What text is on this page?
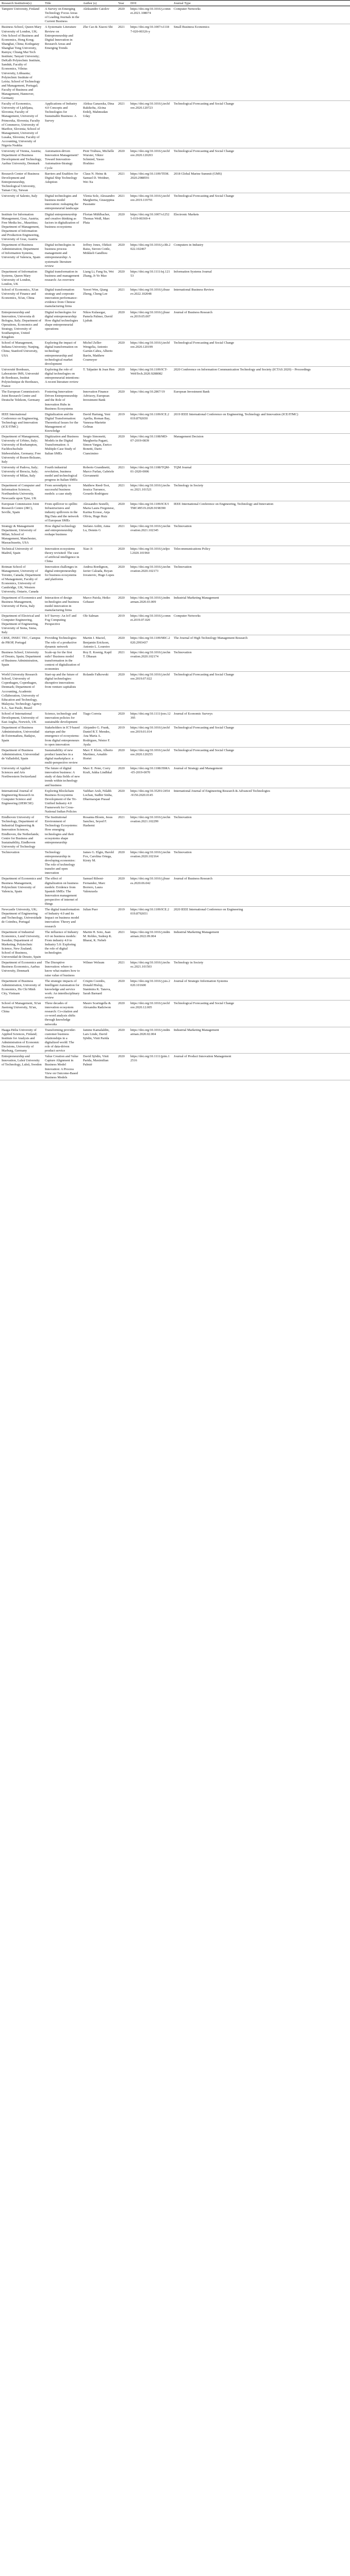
Research Institution(s)	Title	Author (s)	Year	DOI	Journal Type
Tampere University, Finland	A Survey on Emerging Technology Focus Areas of Leading Journals in the Current Business	Aleksandre Caiolov	2020	https://doi.org/10.1016/j.comnet.2021.108074	Computer Networks
Business School, Queen Mary University of London, UK; Orts School of Business and Economics, Hong Kong; Shanghai, China; Kodegatay Shanghai Tong University, Ramyu; Chiang Mai Tech Institute; Tanyati University; DeKalb Polytechnic Institute, Sanduk; Faculty of Economics, Vilnius University, Lithuania; Polytechnic Institute of Leiria; School of Technology and Management, Portugal; Faculty of Business and Management, Hannover, Germany	A Systematic Literature Review on Entrepreneurship and Digital Innovation in Research Areas and Emerging Trends	Zhe Cao & Xiaoxi Shi	2021	https://doi.org/10.1007/s11187-020-00326-y	Small Business Economics
Faculty of Economics, University of Ljubljana, Slovenia; Faculty of Management, University of Primorska, Slovenia; Faculty of Commerce, University of Maribor, Slovenia; School of Management, University of Lusaka, Slovenia; Faculty of Accounting, University of Nigeria Nsukka	Applications of Industry 4.0 Concepts and Technologies for Sustainable Business: A Survey	Aleksa Ganaoska, Dina Rakikoba, Alcina Erdelj, Mahmudan Uday	2021	https://doi.org/10.1016/j.techfore.2020.120723	Technological Forecasting and Social Change
University of Vienna, Austria; Department of Business Development and Technology, Aarhus University, Denmark	Automation-driven Innovation Management? Toward Innovation-Automation-Strategy Cycle	Piotr Trubuss, Michelle Wurster, Viktor Schmied, Yasuo Hoshino	2020	https://doi.org/10.1016/j.techfore.2020.120203	Technological Forecasting and Social Change
Research Center of Business Development and Entrepreneurship, Technological University, Tainan City, Taiwan	Barriers and Enablers for Digital Ship Technology Adoption	Claus N. Heinz & Samuel D. Weidner, Wei Xu	2021	https://doi.org/10.1109/TEM.2020.2988591	2018 Global Marine Summit (GMS)
University of Salento, Italy	Digital technologies and business model innovation: reshaping the entrepreneurial landscape	Ylenia Sole, Alessandro Margherita, Giuseppina Passiante	2021	https://doi.org/10.1016/j.techfore.2019.119791	Technological Forecasting and Social Change
Institute for Information Management, Graz, Austria; Free Media Inc., Mauritius; Department of Management, Department of Information and Production Engineering, University of Graz, Austria	Digital entrepreneurship and creative thinking as factors in digitalization of business ecosystems	Florian Mühlbacher, Thomas Weiß, Marc Pluta	2020	https://doi.org/10.1007/s12525-019-00369-4	Electronic Markets
Department of Business Administration; Department of Information Systems, University of Valencia, Spain	Digital technologies in business process management and entrepreneurship: A systematic literature review	Jeffrey Jones, Oleksii Raiss, Steven Cottle, Miikkeli Gandhou	2020	https://doi.org/10.1016/j.chb.2022.102467	Computers in Industry
Department of Information Systems, Queen Mary University of London, London, UK	Digital transformation in business and management research: An overview	Liang Li, Fang Su, Wei Zhang, Ji-Ye Mao	2020	https://doi.org/10.1111/isj.12153	Information Systems Journal
School of Economics, Xi'an University of Finance and Economics, Xi'an, China	Digital transformation strategy and corporate innovation performance: evidence from Chinese manufacturing firms	Yuwei Wen, Qiang Zheng, Cheng Lee	2021	https://doi.org/10.1016/j.ibusrev.2022.102048	International Business Review
Entrepreneurship and Innovation, Universita di Bologna, Italy; Department of Operations, Economics and Strategy, University of Southampton, United Kingdom	Digital technologies for digital entrepreneurship: How digital technologies shape entrepreneurial operations	Nikos Kulasegar, Pamela Palmer, David Ljubak	2020	https://doi.org/10.1016/j.jbusres.2019.05.007	Journal of Business Research
School of Management, Indiana University; Nanjing, China; Stanford University, USA	Exploring the impact of digital transformation on technology entrepreneurship and technological market development	Michel Zeller-Wengelia, Antonio Garrán-Cabra, Alberto Barón, Matthew Cournoyer	2020	https://doi.org/10.1016/j.techfore.2020.120199	Technological Forecasting and Social Change
Université Bordeaux, Laboratoire IMS, Université de Bordeaux, Institut Polytechnique de Bordeaux, France	Exploring the role of digital technologies on entrepreneurial intentions: A recent literature review	T. Talpatier & Jean Hen	2020	https://doi.org/10.1109/ICT-WebTech.2020.9288082	2020 Conference on Information Communication Technology and Society (ICTAS 2020) – Proceedings
The European Commission's Joint Research Centre and Deutsche Telekom, Germany	Fostering Innovation-Driven Entrepreneurship and the Role of Innovation Hubs in Business Ecosystems	Innovation Finance Advisory, European Investment Bank	2020	https://doi.org/10.2867/19	European Investment Bank
IEEE International Conference on Engineering, Technology and Innovation (ICE/ITMC)	Digitalization and the Digital Transformation: Theoretical Issues for the Management of Knowledge	David Hartung, Yeni Aprilia, Roman Bay, Vanessa-Mariette Gelinas	2019	https://doi.org/10.1109/ICE.2019.8792650	2019 IEEE International Conference on Engineering, Technology and Innovation (ICE/ITMC)
Department of Management, University of Urbino, Italy; University of Roehampton, Fachhochschule Südwestfalen, Germany; Free University of Bozen-Bolzano, Italy	Digitization and Business Models in the Digital Transformation: A Multiple-Case Study of Italian SMEs	Sergio Simonetti, Margherita Pagani, Simon Vargas, Enrico Bonetti, Dario Ciancimino	2020	https://doi.org/10.1108/MD-07-2019-0839	Management Decision
University of Padova, Italy; University of Brescia, Italy; University of Milan, Italy	Fourth industrial revolution, business model and technological progress in Italian SMEs	Roberto Grandinetti, Marco Furlan, Gabriele Giovannetti	2021	https://doi.org/10.1108/TQM-01-2020-0006	TQM Journal
Department of Computer and Information Sciences, Northumbria University, Newcastle upon Tyne, UK	From serendipity to successful business models: a case study	Matthew Reed-Tsoi, Jessica Turrance, Gerardo Rodriguez	2021	https://doi.org/10.1016/j.techsoc.2021.101521	Technology in Society
European Commission Joint Research Centre (JRC), Seville, Spain	From spillover to spillin: Infrastructures and industry spillovers in the Big Data and the network of European SMEs	Alessandro Sestelli, Maria Laura Fregonese, Karina Ecosse, Anja Olivia, Hugo Ruiz	2020	https://doi.org/10.1109/ICE/ITMC49519.2020.9198390	IEEE International Conference on Engineering, Technology and Innovation
Strategy & Management Department, University of Milan; School of Management, Manchester, Massachusetts, USA	How digital technology and entrepreneurship reshape business	Stefano Arditi, Anna Lu, Dennis G	2021	https://doi.org/10.1016/j.technovation.2021.102345	Technovation
Technical University of Madrid, Spain	Innovation ecosystems theory revisited: The case of artificial intelligence in China	Xiao Ji	2020	https://doi.org/10.1016/j.telpol.2020.101960	Telecommunications Policy
Rotman School of Management, University of Toronto, Canada; Department of Management, Faculty of Economics, University of Cambridge, UK; Western University, Ontario, Canada	Innovation challenges in digital entrepreneurship for business ecosystems and platforms	Andrea Bordignon, Javier Calzada, Boyan Jovanovic, Hugo Lopes	2020	https://doi.org/10.1016/j.technovation.2020.102173	Technovation
Department of Economics and Business Management, University of Pavia, Italy	Interaction of design technologies and business model innovation in manufacturing firms	Marco Paiola, Heiko Gebauer	2020	https://doi.org/10.1016/j.indmarman.2020.03.009	Industrial Marketing Management
Department of Electrical and Computer Engineering, Department of Engineering, University of Siena, Siena, Italy	IoT Survey: An IoT and Fog Computing Perspective	Ole Salman	2019	https://doi.org/10.1016/j.comnet.2019.07.020	Computer Networks
CRSE, INSEC TEC, Campus de PROP, Portugal	Providing Technologies: The role of a productive dynamic network	Martin J. Maciel, Benjamin Erickson, Antonio L. Loureiro	2020	https://doi.org/10.1109/MIC.2020.2993437	The Journal of High Technology Management Research
Business School, University of Deusto, Spain; Department of Business Administration, Spain	Scale-up for the first mile? Business model transformation in the context of digitalization of economies	Roy E. Koenig, Kapil T. Dhasan	2021	https://doi.org/10.1016/j.technovation.2020.102174	Technovation
World University Research School, University of Copenhagen, Copenhagen, Denmark; Department of Accounting, Academic Collaboration, University of Education and Technology, Malaysia; Technology Agency S.A., Sao Paulo, Brazil	Start-up and the future of digital technologies: disruptive innovations from venture capitalists	Rolande Falkowski	2020	https://doi.org/10.1016/j.techfore.2019.07.022	Technological Forecasting and Social Change
School of International Development, University of East Anglia, Norwich, UK	Science, technology and innovation policies for sustainable development	Tiago Correia	2020	https://doi.org/10.1111/joes.12395	Journal of Economic Surveys
Department of Business Administration, Universidad de Extremadura, Badajoz, Spain	Stakeholders in ICT-based startups and the emergence of ecosystems: from digital entrepreneurs to open innovation	Alejandro G. Frank, Daniel R.T. Mendes, Ana Maria A. Rodrigues, Néstor F. Ayala	2019	https://doi.org/10.1016/j.techfore.2019.01.014	Technological Forecasting and Social Change
Department of Business Administration, Universidad de Valladolid, Spain	Sustainability of new product launches in a digital marketplace: a multi-perspective review	Marc F. Klein, Alberto Martínez, Arnaldo Hortet	2020	https://doi.org/10.1016/j.techfore.2020.120255	Technological Forecasting and Social Change
University of Applied Sciences and Arts Northwestern Switzerland	The future of digital innovation business: A study of data fields of new trends within technology and business	Marc E. Peter, Corry Kraft, Jukka Lindhkal	2020	https://doi.org/10.1108/JSMA-05-2019-0070	Journal of Strategy and Management
International Journal of Engineering Research in Computer Science and Engineering (IJERCSE)	Exploring Blockchain Business Ecosystems Development of the Tri-Unified Industry 4.0 Framework for Cross-National Indian Policies	Vaibhav Arsh, Nilabh Lochan, Sudhir Sinha, Dharmarajan Prasad	2020	https://doi.org/10.35291/2454-9150.2020.0145	International Journal of Engineering Research & Advanced Technologies
Eindhoven University of Technology, Department of Industrial Engineering & Innovation Sciences, Eindhoven, the Netherlands; Centre for Business and Sustainability, Eindhoven University of Technology	The Institutional Environment of Technology Ecosystems: How emerging technologies and their ecosystems shape entrepreneurship	Rosanna Bloem, Jesus Sanchez, Seyed F. Hashemi	2021	https://doi.org/10.1016/j.technovation.2021.102299	Technovation
Technovation	Technology entrepreneurship in developing economies: The role of technology transfer and open innovation	James G. Elgin, Harold Fox, Carolina Ortega, Kirsty M.	2020	https://doi.org/10.1016/j.technovation.2020.102164	Technovation
Department of Economics and Business Management, Polytechnic University of Valencia, Spain	The effect of digitalization on business models: Evidence from Spanish SMEs: The Innovation management perspective of internet of things	Samuel Riboni-Fernandez, Marc Borrero, Laura Valenzuela	2020	https://doi.org/10.1016/j.jbusres.2020.06.042	Journal of Business Research
Newcastle University, UK; Department of Engineering and Technology, Universidade de Coimbra, Portugal	The digital transformation of Industry 4.0 and its Impact on business model innovation: Theory and research	Julian Puer	2019	https://doi.org/10.1109/ICE.2019.8792651	2020 IEEE International Conference on Engineering
Department of Industrial Economics, Lund University, Sweden; Department of Marketing, Polytechnic Science, New Zealand; School of Business, Universidad de Deusto, Spain	The influence of Industry 4.0 on business models: From industry 4.0 to Industry 5.0: Exploring the role of digital technologies	Martin H. Soto, Juan M. Robles, Sudeep K. Bharat, K. Nebeb	2021	https://doi.org/10.1016/j.indmarman.2022.09.004	Industrial Marketing Management
Department of Economics and Business Economics, Aarhus University, Denmark	The Disruptive Innovation: where to know what matters how to raise value of business	Wilmer Welsum	2021	https://doi.org/10.1016/j.techsoc.2021.101503	Technology in Society
Department of Business Administration, University of Economics, Ho Chi Minh City, Vietnam	The strategic impacts of Intelligent Automation for knowledge and service work: An interdisciplinary review	Crispin Coombs, Donald Hislop, Stanimira K. Taneva, Sarah Barnard	2020	https://doi.org/10.1016/j.jsis.2020.101600	Journal of Strategic Information Systems
School of Management, Xi'an Jiaotong University, Xi'an, China	Three decades of innovation ecosystem research: Co-citation and co-word analysis shifts through knowledge networks	Mauro Scaringella & Alexandra Radziwon	2020	https://doi.org/10.1016/j.techfore.2020.12.005	Technological Forecasting and Social Change
Haaga-Helia University of Applied Sciences, Finland; Institute for Analysis and Administration of Economic Decisions, University of Marburg, Germany	Transforming provider-customer business relationships in a digitalized world: The role of data-driven product service	Jamme Kamalaldin, Lars Linde, David Sjödin, Vinit Parida	2020	https://doi.org/10.1016/j.indmarman.2020.02.004	Industrial Marketing Management
Entrepreneurship and Innovation, Luleå University of Technology, Luleå, Sweden	Value Creation and Value Capture Alignment in Business Model Innovation: A Process View on Outcome-Based Business Models	David Sjödin, Vinit Parida, Maximilian Palmié	2020	https://doi.org/10.1111/jpim.12516	Journal of Product Innovation Management
